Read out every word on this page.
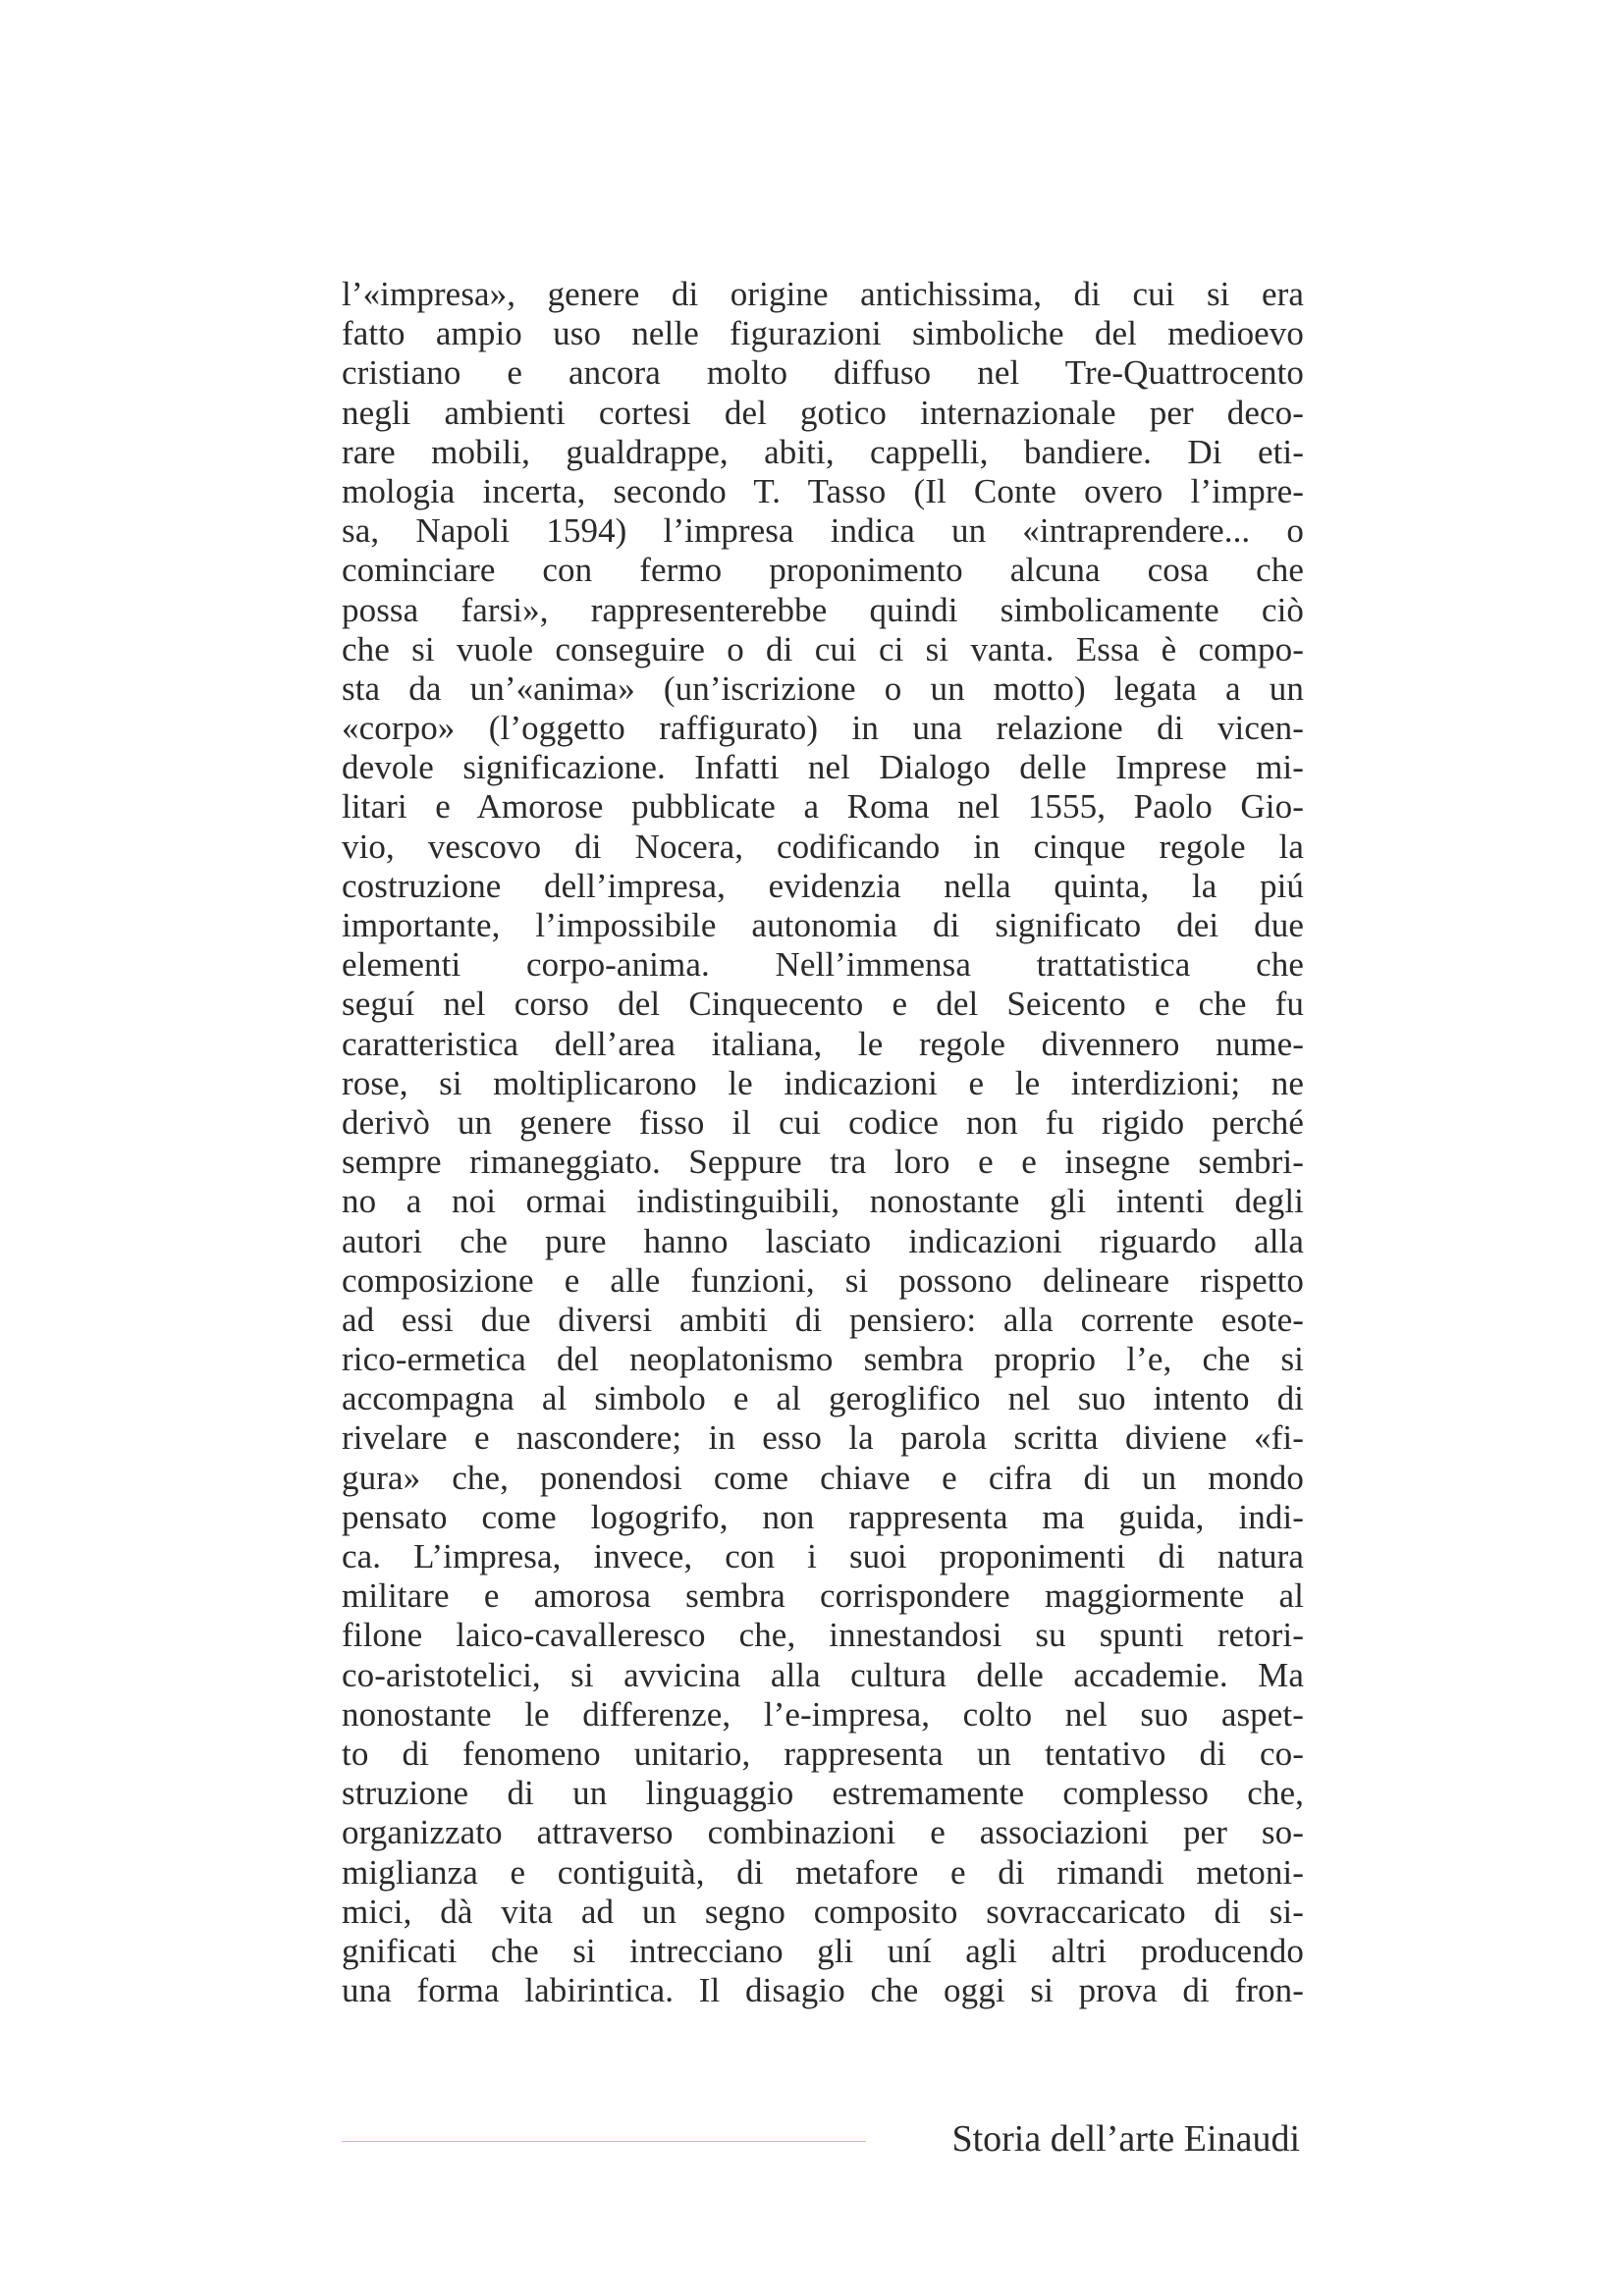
l’«impresa», genere di origine antichissima, di cui si era
fatto ampio uso nelle figurazioni simboliche del medioevo
cristiano e ancora molto diffuso nel Tre-Quattrocento
negli ambienti cortesi del gotico internazionale per deco-
rare mobili, gualdrappe, abiti, cappelli, bandiere. Di eti-
mologia incerta, secondo T. Tasso (Il Conte overo l’impre-
sa, Napoli 1594) l’impresa indica un «intraprendere... o
cominciare con fermo proponimento alcuna cosa che
possa farsi», rappresenterebbe quindi simbolicamente ciò
che si vuole conseguire o di cui ci si vanta. Essa è compo-
sta da un’«anima» (un’iscrizione o un motto) legata a un
«corpo» (l’oggetto raffigurato) in una relazione di vicen-
devole significazione. Infatti nel Dialogo delle Imprese mi-
litari e Amorose pubblicate a Roma nel 1555, Paolo Gio-
vio, vescovo di Nocera, codificando in cinque regole la
costruzione dell’impresa, evidenzia nella quinta, la piú
importante, l’impossibile autonomia di significato dei due
elementi corpo-anima. Nell’immensa trattatistica che
seguí nel corso del Cinquecento e del Seicento e che fu
caratteristica dell’area italiana, le regole divennero nume-
rose, si moltiplicarono le indicazioni e le interdizioni; ne
derivò un genere fisso il cui codice non fu rigido perché
sempre rimaneggiato. Seppure tra loro e e insegne sembri-
no a noi ormai indistinguibili, nonostante gli intenti degli
autori che pure hanno lasciato indicazioni riguardo alla
composizione e alle funzioni, si possono delineare rispetto
ad essi due diversi ambiti di pensiero: alla corrente esote-
rico-ermetica del neoplatonismo sembra proprio l’e, che si
accompagna al simbolo e al geroglifico nel suo intento di
rivelare e nascondere; in esso la parola scritta diviene «fi-
gura» che, ponendosi come chiave e cifra di un mondo
pensato come logogrifo, non rappresenta ma guida, indi-
ca. L’impresa, invece, con i suoi proponimenti di natura
militare e amorosa sembra corrispondere maggiormente al
filone laico-cavalleresco che, innestandosi su spunti retori-
co-aristotelici, si avvicina alla cultura delle accademie. Ma
nonostante le differenze, l’e-impresa, colto nel suo aspet-
to di fenomeno unitario, rappresenta un tentativo di co-
struzione di un linguaggio estremamente complesso che,
organizzato attraverso combinazioni e associazioni per so-
miglianza e contiguità, di metafore e di rimandi metoni-
mici, dà vita ad un segno composito sovraccaricato di si-
gnificati che si intrecciano gli uní agli altri producendo
una forma labirintica. Il disagio che oggi si prova di fron-
Storia dell’arte Einaudi
